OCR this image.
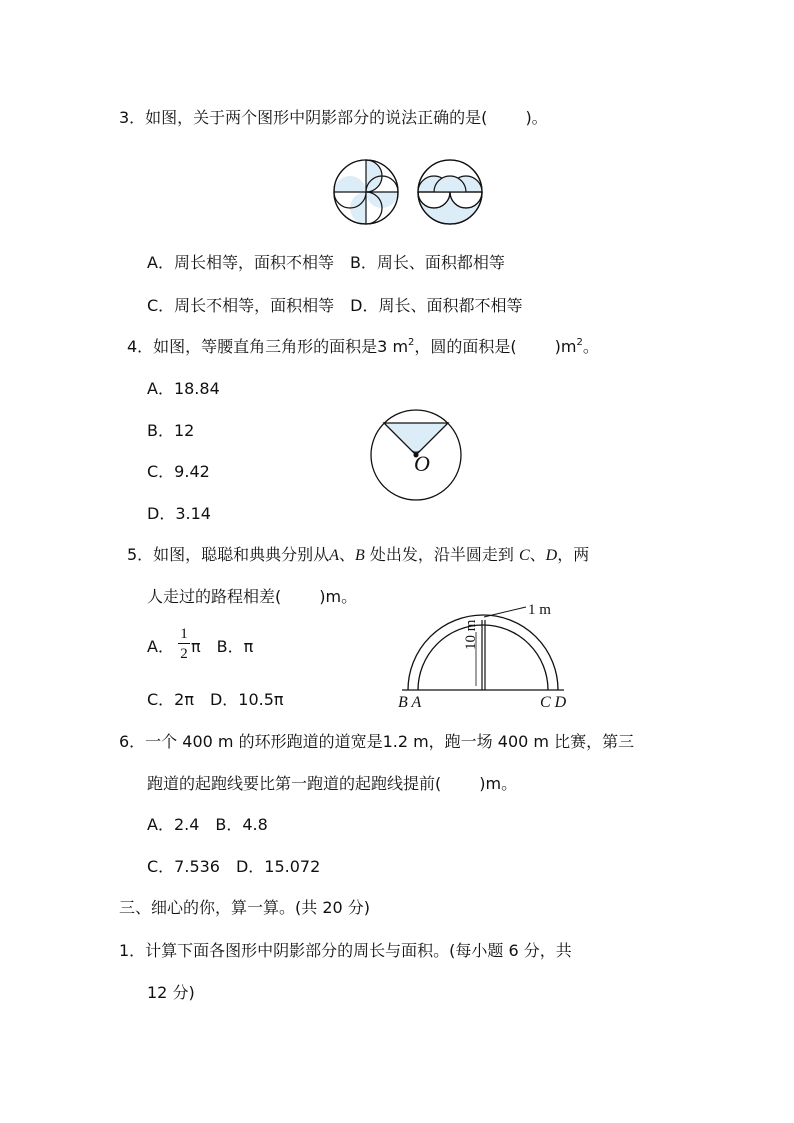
3．如图，关于两个图形中阴影部分的说法正确的是( )。
A．周长相等，面积不相等　B．周长、面积都相等
C．周长不相等，面积相等　D．周长、面积都不相等
4．如图，等腰直角三角形的面积是3 $m^2$，圆的面积是( )$m^2$。
A．18.84
B．12
C．9.42
D．3.14
O
5．如图，聪聪和典典分别从A、B 处出发，沿半圆走到 C、D，两
人走过的路程相差( )m。
A．
1
2 π　B．π
C．2π　D．10.5π
1 m
10 m
B A	C D
6．一个 400 m 的环形跑道的道宽是1.2 m，跑一场 400 m 比赛，第三
跑道的起跑线要比第一跑道的起跑线提前( )m。
A．2.4　B．4.8
C．7.536　D．15.072
三、细心的你，算一算。(共 20 分)
1．计算下面各图形中阴影部分的周长与面积。(每小题 6 分，共
12 分)
